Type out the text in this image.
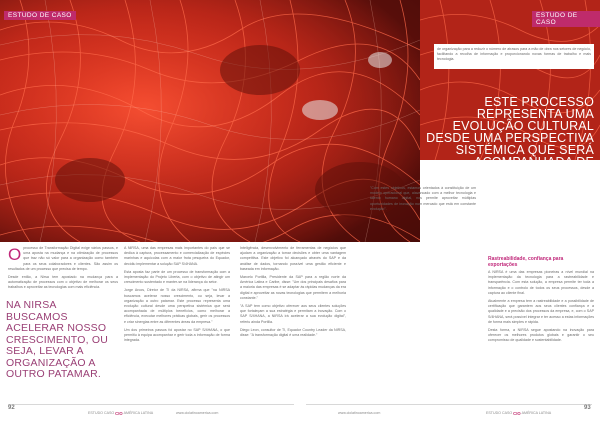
de organização para a reduzir o número de atrasos para a mão de obra nos setores de negócio, facilitando a recolha de informação e proporcionando novas formas de trabalho e mais tecnologia.

ESTUDO DE CASO	ESTUDO DE CASO
ESTE PROCESSO REPRESENTA UMA EVOLUÇÃO CULTURAL DESDE UMA PERSPECTIVA SISTÉMICA QUE SERÁ ACOMPANHADA DE MÚLTIPLOS BENEFÍCIOS.
NA NIRSA BUSCAMOS ACELERAR NOSSO CRESCIMENTO, OU SEJA, LEVAR A ORGANIZAÇÃO A OUTRO PATAMAR.

Oprocesso de Transformação Digital exige vários passos, e uma aposta na mudança e na otimização de processos que traz não só valor para a organização como também para os seus colaboradores e clientes. São assim os resultados de um processo que precisa de tempo.

Desde então, a Nirsa tem apostado na mudança para a automatização de processos com o objetivo de melhorar os seus trabalhos e aproveitar as tecnologias com mais eficiência.

A NIRSA, uma das empresas mais importantes do país que se dedica à captura, processamento e comercialização de espécies marinhas e aquícolas com a maior frota pesqueira do Equador, decidiu implementar a solução SAP S/4HANA.

Esta aposta faz parte de um processo de transformação com a implementação do Projeto Liberta, com o objetivo de atingir um crescimento sustentado e manter-se na liderança do setor.

Jorge Arcos, Diretor de TI da NIRSA, afirma que "na NIRSA buscamos acelerar nosso crescimento, ou seja, levar a organização a outro patamar. Este processo representa uma evolução cultural desde uma perspetiva sistémica que será acompanhada de múltiplos benefícios, como melhorar a eficiência, executar melhores práticas globais, gerir os processos e criar sinergias entre as diferentes áreas da empresa."

Um dos primeiros passos foi apostar no SAP S/4HANA, o que permitiu à equipa acompanhar e gerir toda a informação de forma integrada.

Inteligência, desenvolvimento de ferramentas de negócios que ajudam a organização a tomar decisões e obter uma vantagem competitiva. Este objetivo foi alcançado através do SAP e da análise de dados, tornando possível uma gestão eficiente e baseada em informação.

Marcelo Portilla, Presidente da SAP para a região norte da América Latina e Caribe, disse: "Um dos principais desafios para a maioria das empresas é se adaptar às rápidas mudanças da era digital e aproveitar as novas tecnologias que permitem a melhoria constante."

"A SAP tem como objetivo oferecer aos seus clientes soluções que fortaleçam a sua estratégia e permitam a inovação. Com o SAP S/4HANA, a NIRSA irá acelerar a sua evolução digital", referiu ainda Portilla.

Diego Leon, consultor de TI, Equador Country Leader da NIRSA, disse: "A transformação digital é uma realidade."

"Com estes objetivos, estamos orientados à constituição de um modelo operacional que, alavancado com a melhor tecnologia e talento humano digital, nos permite aproveitar múltiplas oportunidades de inovação num mercado que está em constante evolução".

Rastreabilidade, confiança para exportações

A NIRSA é uma das empresas pioneiras a nível mundial na implementação da tecnologia para a rastreabilidade e transparência. Com esta solução, a empresa permite ter toda a informação e o controlo de todos os seus processos, desde a captura ao cliente final.

Atualmente a empresa tem a rastreabilidade e a possibilidade de certificação que garantem aos seus clientes confiança e a qualidade e a precisão dos processos da empresa, e, com o SAP S/4HANA, será possível integrar e ter acesso a estas informações de forma mais simples e rápida.

Desta forma, a NIRSA segue apostando na inovação para oferecer os melhores produtos globais e garantir o seu compromisso de qualidade e sustentabilidade.

92
ESTUDO CASO CIO AMÉRICA LATINA	www.ciolatinoamerica.com	www.ciolatinoamerica.com	ESTUDO CASO CIO AMÉRICA LATINA
93
